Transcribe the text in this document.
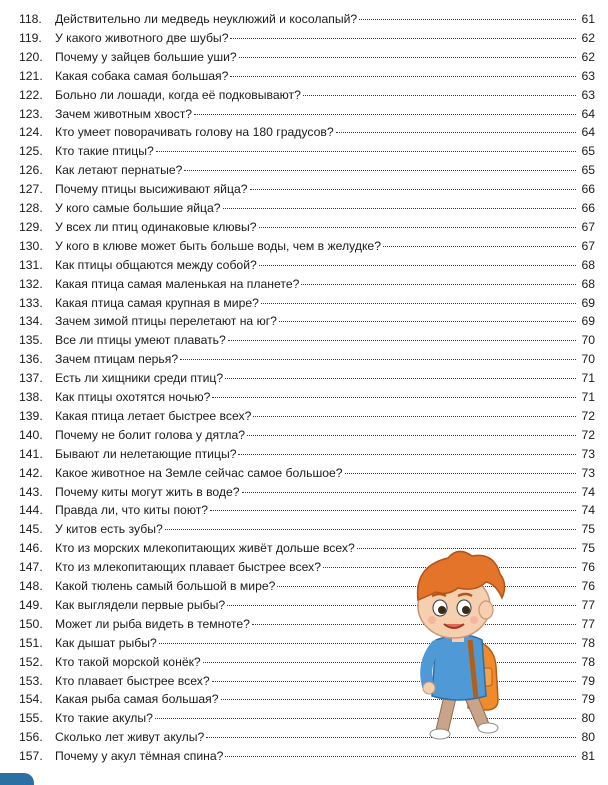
118.	Действительно ли медведь неуклюжий и косолапый?	61
119.	У какого животного две шубы?	62
120.	Почему у зайцев большие уши?	62
121.	Какая собака самая большая?	63
122.	Больно ли лошади, когда её подковывают?	63
123.	Зачем животным хвост?	64
124.	Кто умеет поворачивать голову на 180 градусов?	64
125.	Кто такие птицы?	65
126.	Как летают пернатые?	65
127.	Почему птицы высиживают яйца?	66
128.	У кого самые большие яйца?	66
129.	У всех ли птиц одинаковые клювы?	67
130.	У кого в клюве может быть больше воды, чем в желудке?	67
131.	Как птицы общаются между собой?	68
132.	Какая птица самая маленькая на планете?	68
133.	Какая птица самая крупная в мире?	69
134.	Зачем зимой птицы перелетают на юг?	69
135.	Все ли птицы умеют плавать?	70
136.	Зачем птицам перья?	70
137.	Есть ли хищники среди птиц?	71
138.	Как птицы охотятся ночью?	71
139.	Какая птица летает быстрее всех?	72
140.	Почему не болит голова у дятла?	72
141.	Бывают ли нелетающие птицы?	73
142.	Какое животное на Земле сейчас самое большое?	73
143.	Почему киты могут жить в воде?	74
144.	Правда ли, что киты поют?	74
145.	У китов есть зубы?	75
146.	Кто из морских млекопитающих живёт дольше всех?	75
147.	Кто из млекопитающих плавает быстрее всех?	76
148.	Какой тюлень самый большой в мире?	76
149.	Как выглядели первые рыбы?	77
150.	Может ли рыба видеть в темноте?	77
151.	Как дышат рыбы?	78
152.	Кто такой морской конёк?	78
153.	Кто плавает быстрее всех?	79
154.	Какая рыба самая большая?	79
155.	Кто такие акулы?	80
156.	Сколько лет живут акулы?	80
157.	Почему у акул тёмная спина?	81
